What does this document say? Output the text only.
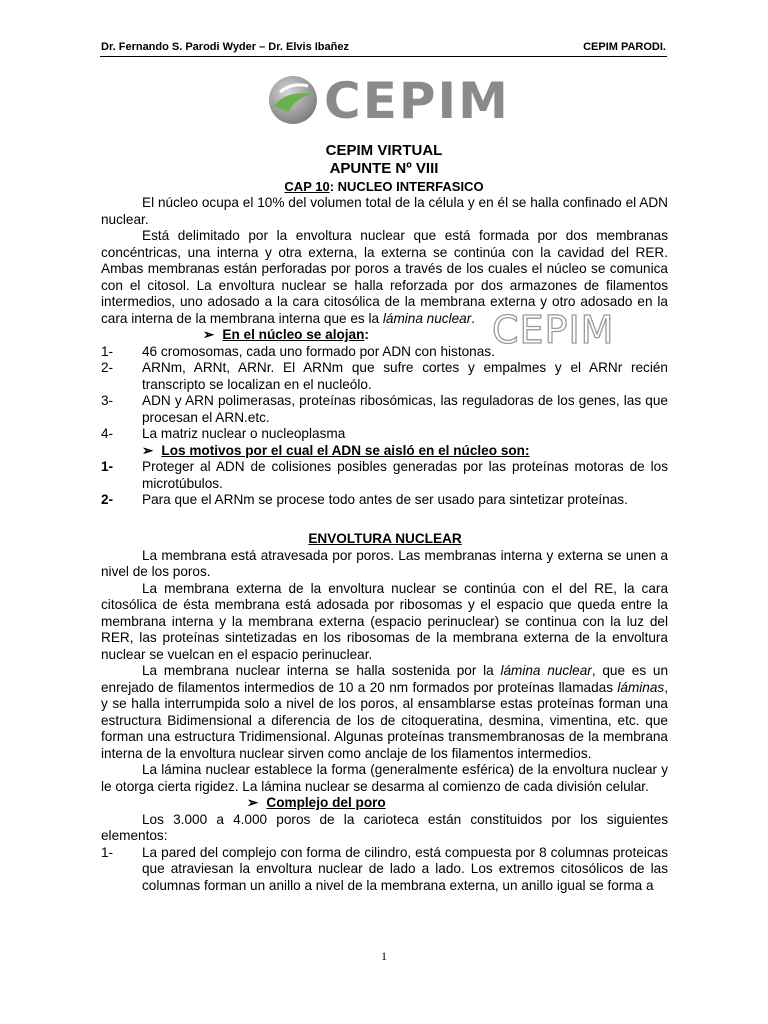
Dr. Fernando S. Parodi Wyder – Dr. Elvis Ibañez	CEPIM PARODI.
CEPIM
CEPIM VIRTUAL
APUNTE Nº VIII
CAP 10: NUCLEO INTERFASICO

El núcleo ocupa el 10% del volumen total de la célula y en él se halla confinado el ADN nuclear.

Está delimitado por la envoltura nuclear que está formada por dos membranas concéntricas, una interna y otra externa, la externa se continúa con la cavidad del RER. Ambas membranas están perforadas por poros a través de los cuales el núcleo se comunica con el citosol. La envoltura nuclear se halla reforzada por dos armazones de filamentos intermedios, uno adosado a la cara citosólica de la membrana externa y otro adosado en la cara interna de la membrana interna que es la lámina nuclear.

➢ En el núcleo se alojan:
1- 46 cromosomas, cada uno formado por ADN con histonas.
2- ARNm, ARNt, ARNr. El ARNm que sufre cortes y empalmes y el ARNr recién transcripto se localizan en el nucleólo.
3- ADN y ARN polimerasas, proteínas ribosómicas, las reguladoras de los genes, las que procesan el ARN.etc.
4- La matriz nuclear o nucleoplasma
➢ Los motivos por el cual el ADN se aisló en el núcleo son:
1- Proteger al ADN de colisiones posibles generadas por las proteínas motoras de los microtúbulos.
2- Para que el ARNm se procese todo antes de ser usado para sintetizar proteínas.
CEPIM
ENVOLTURA NUCLEAR

La membrana está atravesada por poros. Las membranas interna y externa se unen a nivel de los poros.

La membrana externa de la envoltura nuclear se continúa con el del RE, la cara citosólica de ésta membrana está adosada por ribosomas y el espacio que queda entre la membrana interna y la membrana externa (espacio perinuclear) se continua con la luz del RER, las proteínas sintetizadas en los ribosomas de la membrana externa de la envoltura nuclear se vuelcan en el espacio perinuclear.

La membrana nuclear interna se halla sostenida por la lámina nuclear, que es un enrejado de filamentos intermedios de 10 a 20 nm formados por proteínas llamadas láminas, y se halla interrumpida solo a nivel de los poros, al ensamblarse estas proteínas forman una estructura Bidimensional a diferencia de los de citoqueratina, desmina, vimentina, etc. que forman una estructura Tridimensional. Algunas proteínas transmembranosas de la membrana interna de la envoltura nuclear sirven como anclaje de los filamentos intermedios.

La lámina nuclear establece la forma (generalmente esférica) de la envoltura nuclear y le otorga cierta rigidez. La lámina nuclear se desarma al comienzo de cada división celular.

➢ Complejo del poro

Los 3.000 a 4.000 poros de la carioteca están constituidos por los siguientes elementos:

1- La pared del complejo con forma de cilindro, está compuesta por 8 columnas proteicas que atraviesan la envoltura nuclear de lado a lado. Los extremos citosólicos de las columnas forman un anillo a nivel de la membrana externa, un anillo igual se forma a
1
